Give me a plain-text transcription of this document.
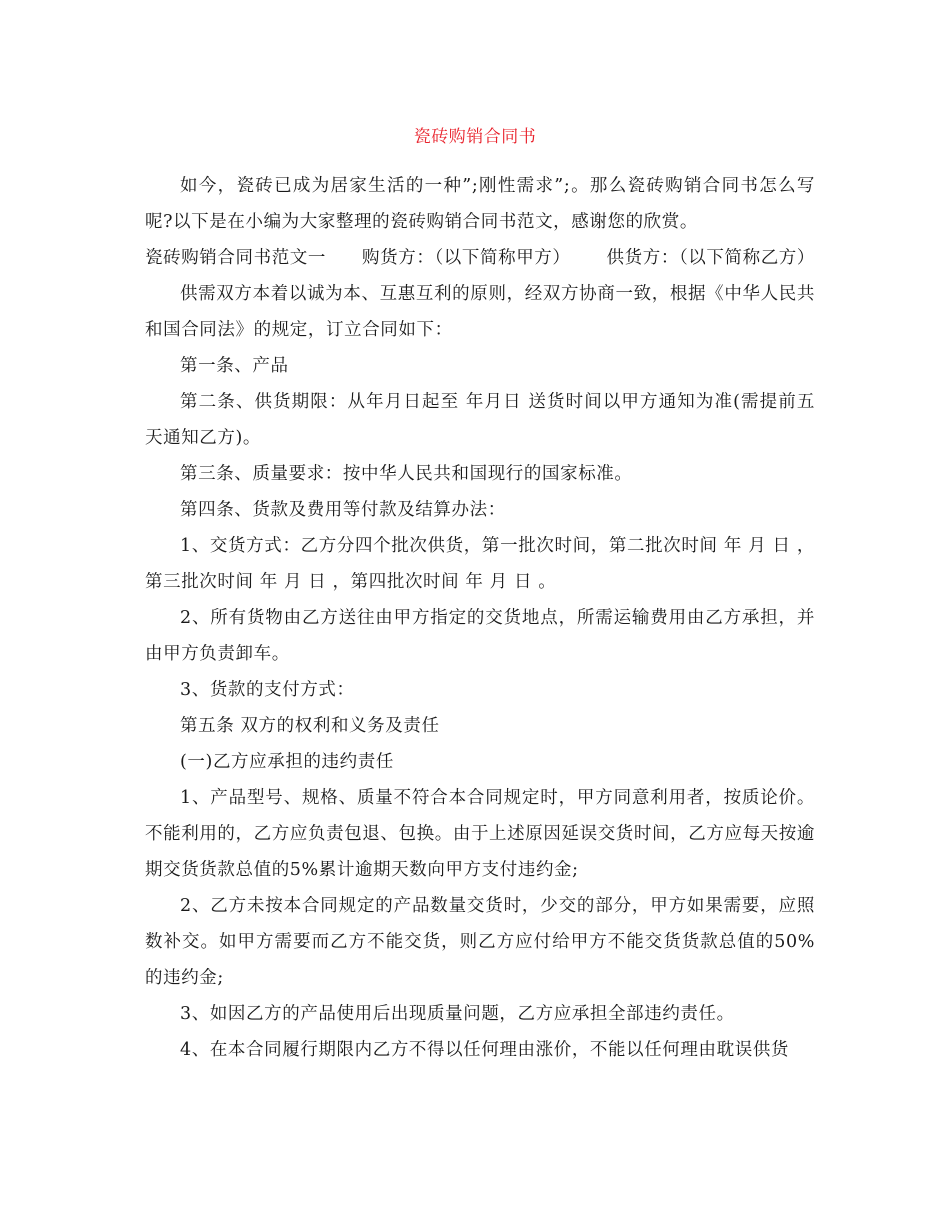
瓷砖购销合同书

如今，瓷砖已成为居家生活的一种”;刚性需求”;。那么瓷砖购销合同书怎么写呢?以下是在小编为大家整理的瓷砖购销合同书范文，感谢您的欣赏。

瓷砖购销合同书范文一 购货方：（以下简称甲方） 供货方：（以下简称乙方）

供需双方本着以诚为本、互惠互利的原则，经双方协商一致，根据《中华人民共和国合同法》的规定，订立合同如下：

第一条、产品

第二条、供货期限：从年月日起至 年月日 送货时间以甲方通知为准(需提前五天通知乙方)。

第三条、质量要求：按中华人民共和国现行的国家标准。

第四条、货款及费用等付款及结算办法：

1、交货方式：乙方分四个批次供货，第一批次时间，第二批次时间 年 月 日 ，第三批次时间 年 月 日 ，第四批次时间 年 月 日 。

2、所有货物由乙方送往由甲方指定的交货地点，所需运输费用由乙方承担，并由甲方负责卸车。

3、货款的支付方式：

第五条 双方的权利和义务及责任

(一)乙方应承担的违约责任

1、产品型号、规格、质量不符合本合同规定时，甲方同意利用者，按质论价。不能利用的，乙方应负责包退、包换。由于上述原因延误交货时间，乙方应每天按逾期交货货款总值的5%累计逾期天数向甲方支付违约金;

2、乙方未按本合同规定的产品数量交货时，少交的部分，甲方如果需要，应照数补交。如甲方需要而乙方不能交货，则乙方应付给甲方不能交货货款总值的50%的违约金;

3、如因乙方的产品使用后出现质量问题，乙方应承担全部违约责任。

4、在本合同履行期限内乙方不得以任何理由涨价，不能以任何理由耽误供货
